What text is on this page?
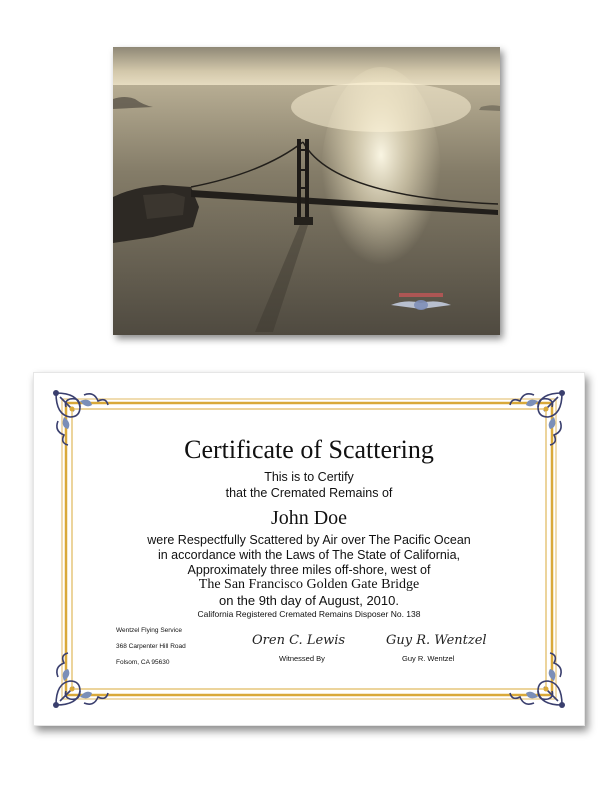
Certificate of Scattering
This is to Certify
that the Cremated Remains of
John Doe
were Respectfully Scattered by Air over The Pacific Ocean
in accordance with the Laws of The State of California,
Approximately three miles off-shore, west of
The San Francisco Golden Gate Bridge
on the 9th day of August, 2010.
California Registered Cremated Remains Disposer No. 138
Wentzel Flying Service
368 Carpenter Hill Road
Folsom, CA 95630
Oren C. Lewis
Witnessed By
Guy R. Wentzel
Guy R. Wentzel
